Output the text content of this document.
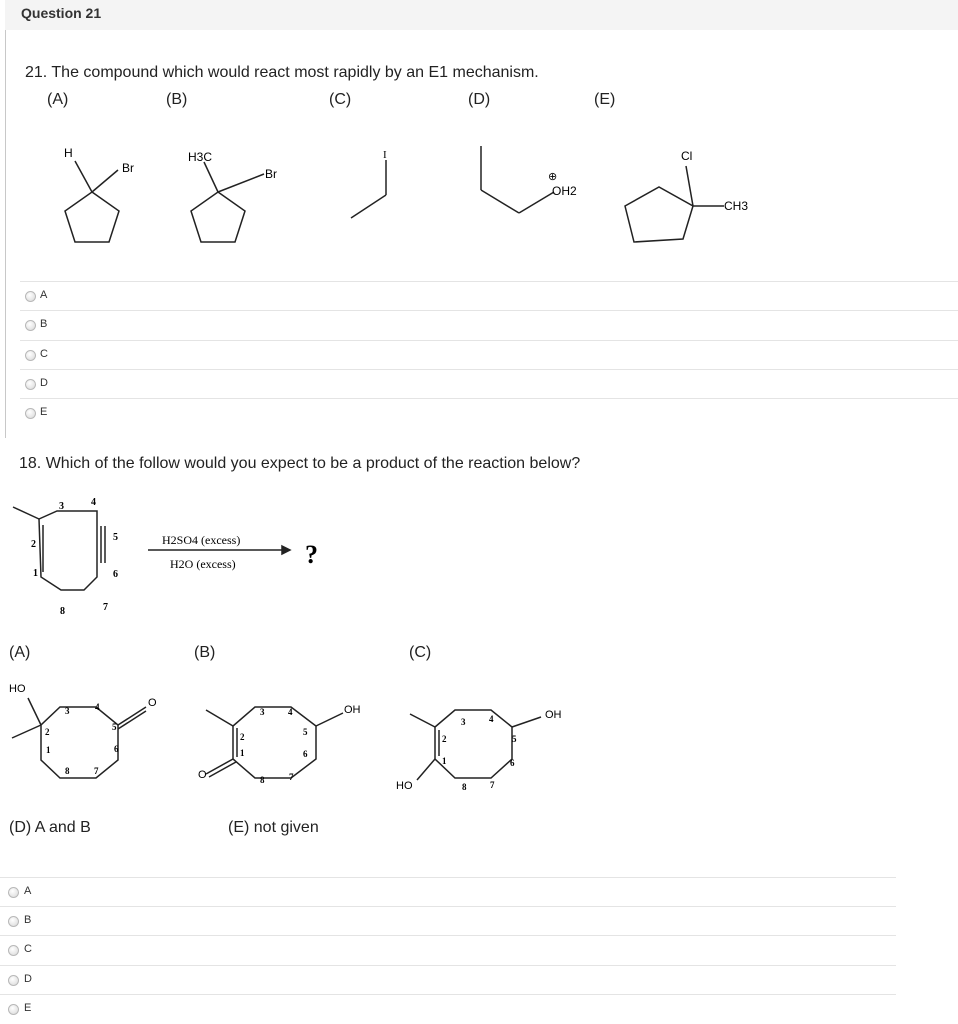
Question 21
21. The compound which would react most rapidly by an E1 mechanism.
(A)	(B)	(C)	(D)	(E)
H
Br
H3C
Br
I
⊕
OH2
Cl
CH3
A
B
C
D
E
18. Which of the follow would you expect to be a product of the reaction below?
3	4
2
5
1	6
8	7
H2SO4 (excess)
H2O (excess)	?
(A)	(B)	(C)
HO
O
3	4
2	5
1	6
8	7
OH
O
3	4
2	5
1	6
8	7
OH
HO
3	4
2	5
1	6
8	7
(D) A and B	(E) not given
A
B
C
D
E
